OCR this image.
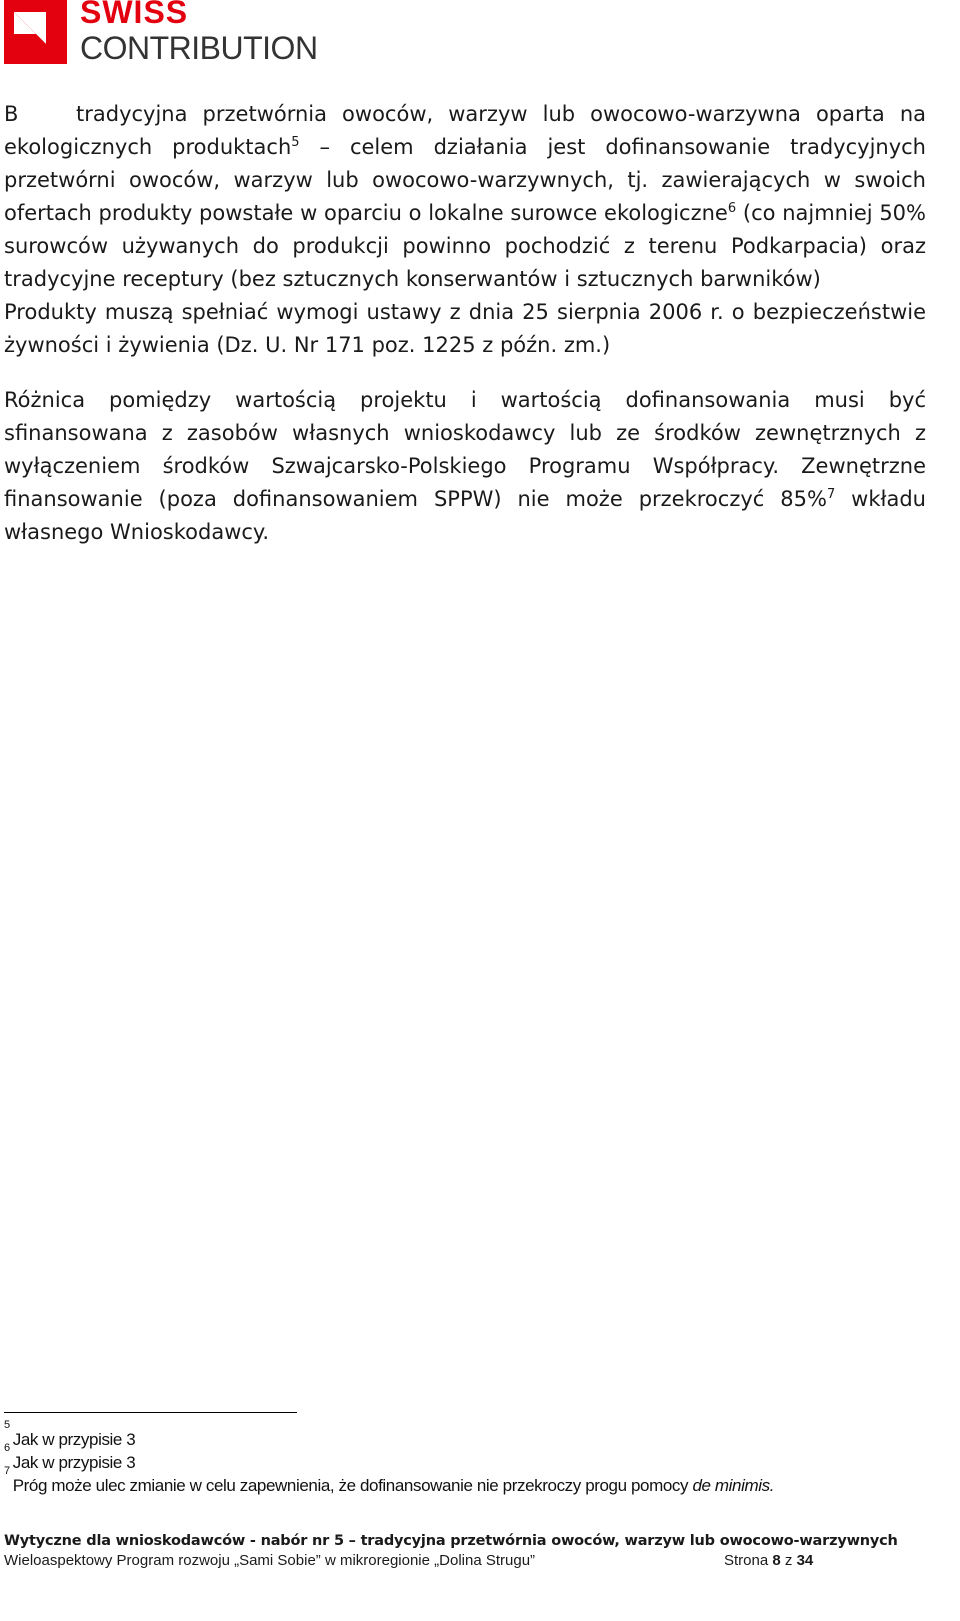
SWISS
CONTRIBUTION

B	tradycyjna przetwórnia owoców, warzyw lub owocowo-warzywna oparta na ekologicznych produktach$^5$ – celem działania jest dofinansowanie tradycyjnych przetwórni owoców, warzyw lub owocowo-warzywnych, tj. zawierających w swoich ofertach produkty powstałe w oparciu o lokalne surowce ekologiczne$^6$ (co najmniej 50% surowców używanych do produkcji powinno pochodzić z terenu Podkarpacia) oraz tradycyjne receptury (bez sztucznych konserwantów i sztucznych barwników)

Produkty muszą spełniać wymogi ustawy z dnia 25 sierpnia 2006 r. o bezpieczeństwie żywności i żywienia (Dz. U. Nr 171 poz. 1225 z późn. zm.)

Różnica pomiędzy wartością projektu i wartością dofinansowania musi być sfinansowana z zasobów własnych wnioskodawcy lub ze środków zewnętrznych z wyłączeniem środków Szwajcarsko-Polskiego Programu Współpracy. Zewnętrzne finansowanie (poza dofinansowaniem SPPW) nie może przekroczyć 85%$^7$ wkładu własnego Wnioskodawcy.

$^5$Jak w przypisie 3
$^6$Jak w przypisie 3
$^7$Próg może ulec zmianie w celu zapewnienia, że dofinansowanie nie przekroczy progu pomocy de minimis.
Wytyczne dla wnioskodawców - nabór nr 5 – tradycyjna przetwórnia owoców, warzyw lub owocowo-warzywnych
Wieloaspektowy Program rozwoju „Sami Sobie” w mikroregionie „Dolina Strugu”	Strona 8 z 34
